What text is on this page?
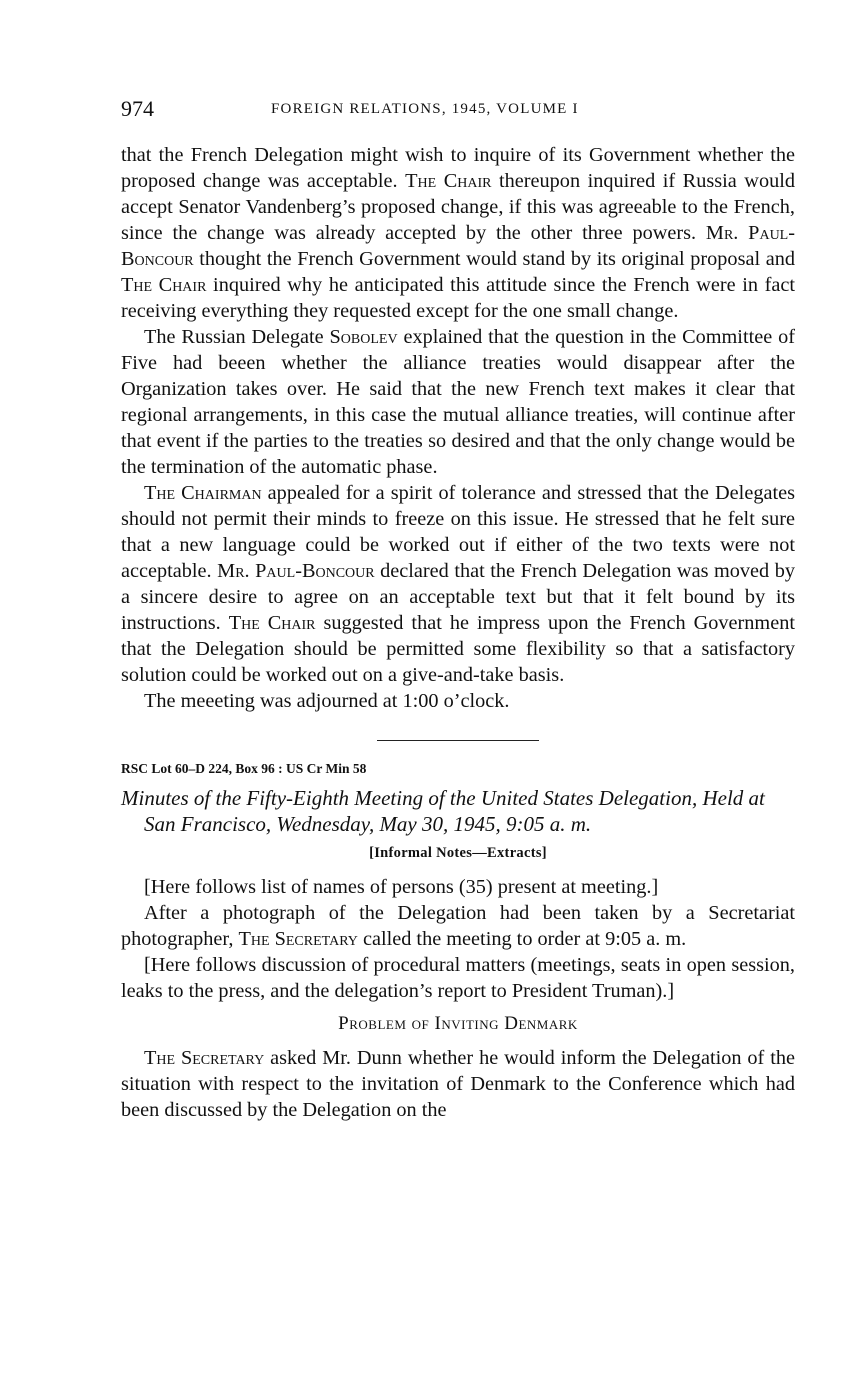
974	FOREIGN RELATIONS, 1945, VOLUME I

that the French Delegation might wish to inquire of its Government whether the proposed change was acceptable. The Chair thereupon inquired if Russia would accept Senator Vandenberg’s proposed change, if this was agreeable to the French, since the change was already accepted by the other three powers. Mr. Paul-Boncour thought the French Government would stand by its original proposal and The Chair inquired why he anticipated this attitude since the French were in fact receiving everything they requested except for the one small change.

The Russian Delegate Sobolev explained that the question in the Committee of Five had beeen whether the alliance treaties would disappear after the Organization takes over. He said that the new French text makes it clear that regional arrangements, in this case the mutual alliance treaties, will continue after that event if the parties to the treaties so desired and that the only change would be the termination of the automatic phase.

The Chairman appealed for a spirit of tolerance and stressed that the Delegates should not permit their minds to freeze on this issue. He stressed that he felt sure that a new language could be worked out if either of the two texts were not acceptable. Mr. Paul-Boncour declared that the French Delegation was moved by a sincere desire to agree on an acceptable text but that it felt bound by its instructions. The Chair suggested that he impress upon the French Government that the Delegation should be permitted some flexibility so that a satisfactory solution could be worked out on a give-and-take basis.

The meeeting was adjourned at 1:00 o’clock.

RSC Lot 60–D 224, Box 96 : US Cr Min 58

Minutes of the Fifty-Eighth Meeting of the United States Delegation, Held at San Francisco, Wednesday, May 30, 1945, 9:05 a. m.

[Informal Notes—Extracts]

[Here follows list of names of persons (35) present at meeting.]

After a photograph of the Delegation had been taken by a Secretariat photographer, The Secretary called the meeting to order at 9:05 a. m.

[Here follows discussion of procedural matters (meetings, seats in open session, leaks to the press, and the delegation’s report to President Truman).]

Problem of Inviting Denmark

The Secretary asked Mr. Dunn whether he would inform the Delegation of the situation with respect to the invitation of Denmark to the Conference which had been discussed by the Delegation on the
